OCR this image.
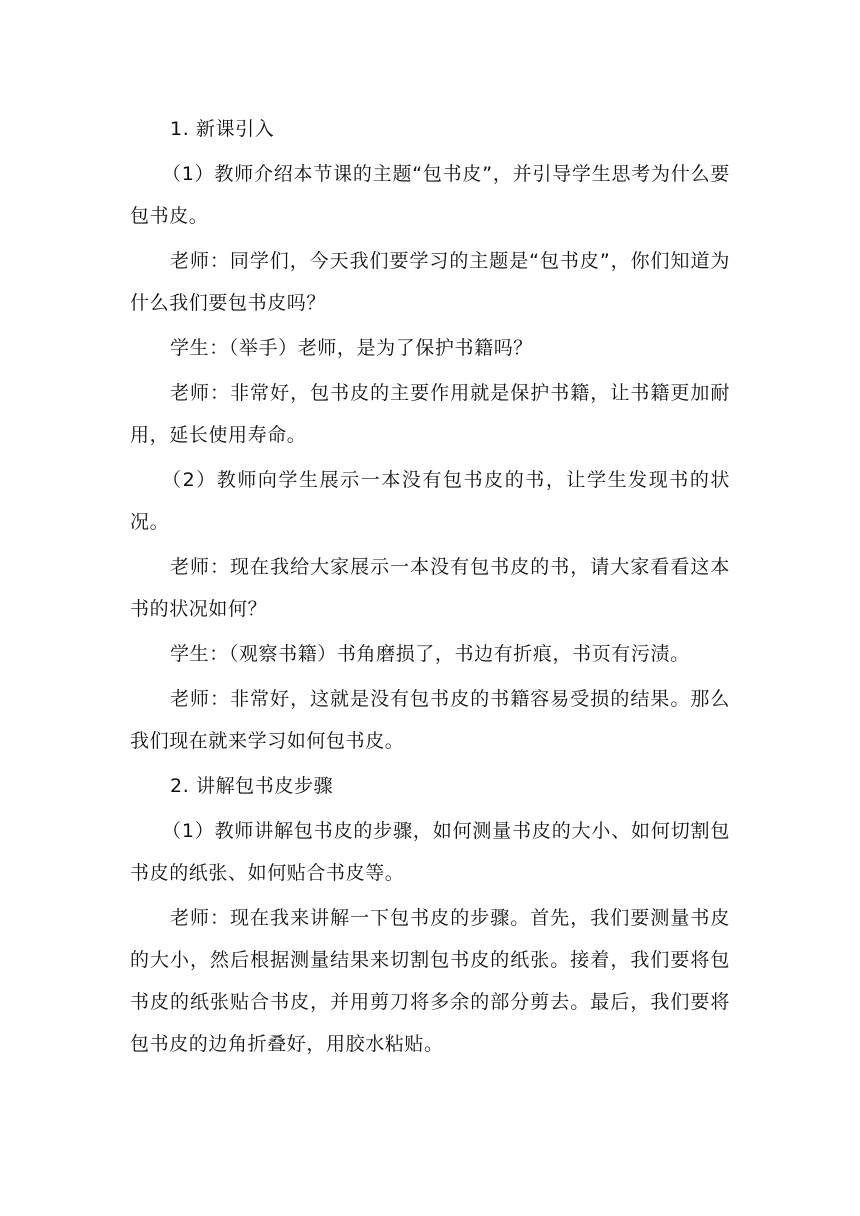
1. 新课引入

（1）教师介绍本节课的主题“包书皮”，并引导学生思考为什么要包书皮。

老师：同学们，今天我们要学习的主题是“包书皮”，你们知道为什么我们要包书皮吗？

学生：（举手）老师，是为了保护书籍吗？

老师：非常好，包书皮的主要作用就是保护书籍，让书籍更加耐用，延长使用寿命。

（2）教师向学生展示一本没有包书皮的书，让学生发现书的状况。

老师：现在我给大家展示一本没有包书皮的书，请大家看看这本书的状况如何？

学生：（观察书籍）书角磨损了，书边有折痕，书页有污渍。

老师：非常好，这就是没有包书皮的书籍容易受损的结果。那么我们现在就来学习如何包书皮。

2. 讲解包书皮步骤

（1）教师讲解包书皮的步骤，如何测量书皮的大小、如何切割包书皮的纸张、如何贴合书皮等。

老师：现在我来讲解一下包书皮的步骤。首先，我们要测量书皮的大小，然后根据测量结果来切割包书皮的纸张。接着，我们要将包书皮的纸张贴合书皮，并用剪刀将多余的部分剪去。最后，我们要将包书皮的边角折叠好，用胶水粘贴。
